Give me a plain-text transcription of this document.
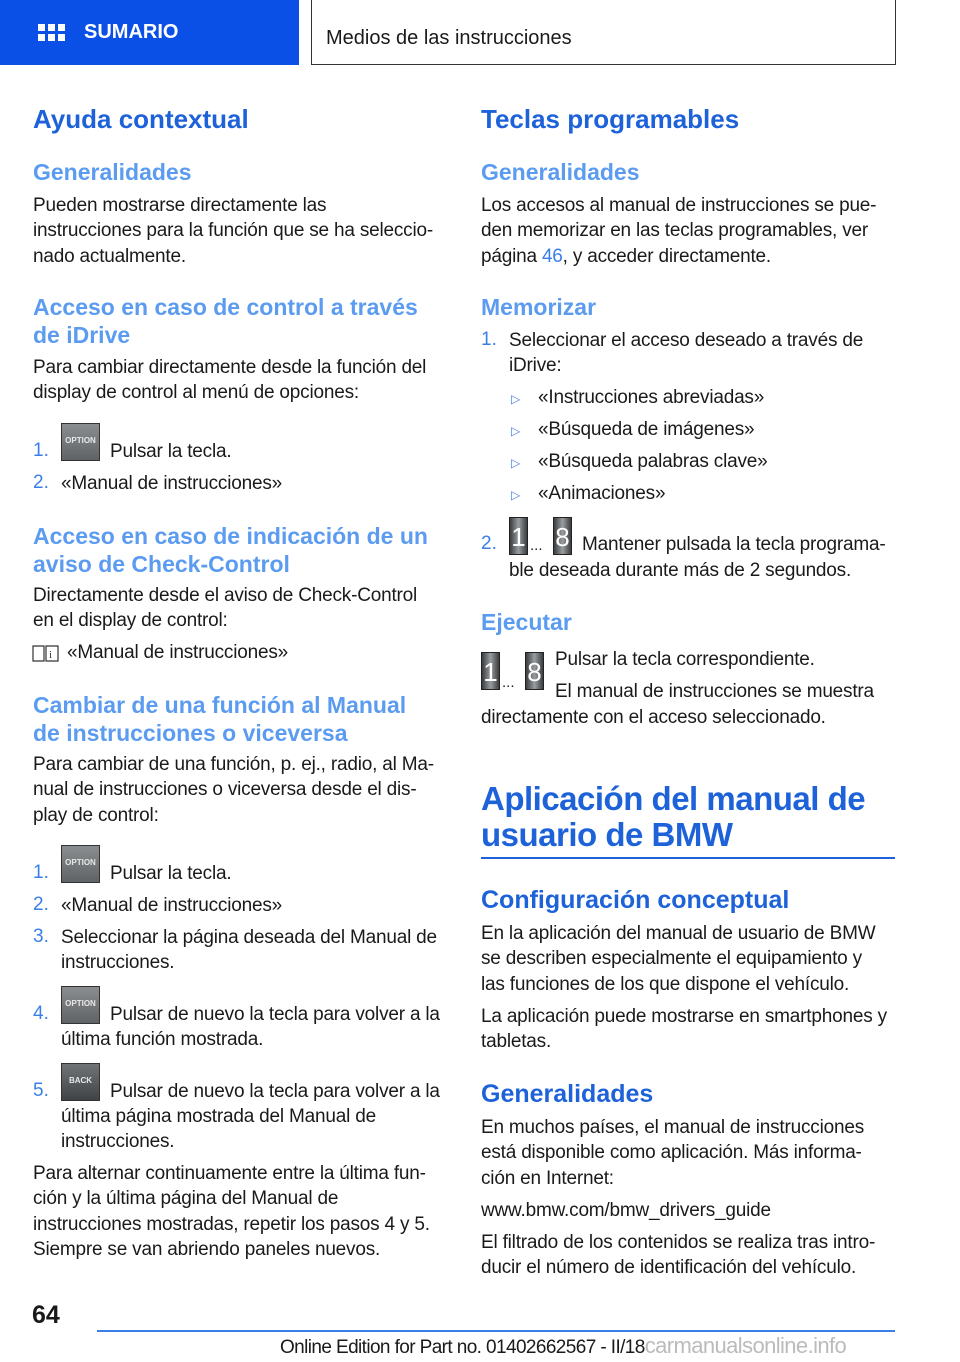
SUMARIO	Medios de las instrucciones
Ayuda contextual
Generalidades
Pueden mostrarse directamente las
instrucciones para la función que se ha seleccio-
nado actualmente.
Acceso en caso de control a través
de iDrive
Para cambiar directamente desde la función del
display de control al menú de opciones:
1.	OPTION
Pulsar la tecla.
2. «Manual de instrucciones»
Acceso en caso de indicación de un
aviso de Check-Control
Directamente desde el aviso de Check-Control
en el display de control:
i «Manual de instrucciones»
Cambiar de una función al Manual
de instrucciones o viceversa
Para cambiar de una función, p. ej., radio, al Ma-
nual de instrucciones o viceversa desde el dis-
play de control:
1.	OPTION
Pulsar la tecla.
2. «Manual de instrucciones»
3. Seleccionar la página deseada del Manual de
instrucciones.
4.	OPTION
Pulsar de nuevo la tecla para volver a la
última función mostrada.
5.	BACK
Pulsar de nuevo la tecla para volver a la
última página mostrada del Manual de
instrucciones.
Para alternar continuamente entre la última fun-
ción y la última página del Manual de
instrucciones mostradas, repetir los pasos 4 y 5.
Siempre se van abriendo paneles nuevos.
Teclas programables
Generalidades
Los accesos al manual de instrucciones se pue-
den memorizar en las teclas programables, ver
página 46, y acceder directamente.
Memorizar
1. Seleccionar el acceso deseado a través de
iDrive:
▷ «Instrucciones abreviadas»
▷ «Búsqueda de imágenes»
▷ «Búsqueda palabras clave»
▷ «Animaciones»
2. 1 ... 8 Mantener pulsada la tecla programa-
ble deseada durante más de 2 segundos.
Ejecutar
1 ... 8 Pulsar la tecla correspondiente.
El manual de instrucciones se muestra
directamente con el acceso seleccionado.
Aplicación del manual de
usuario de BMW
Configuración conceptual
En la aplicación del manual de usuario de BMW
se describen especialmente el equipamiento y
las funciones de los que dispone el vehículo.
La aplicación puede mostrarse en smartphones y
tabletas.
Generalidades
En muchos países, el manual de instrucciones
está disponible como aplicación. Más informa-
ción en Internet:
www.bmw.com/bmw_drivers_guide
El filtrado de los contenidos se realiza tras intro-
ducir el número de identificación del vehículo.
64
Online Edition for Part no. 01402662567 - II/18carmanualsonline.info
